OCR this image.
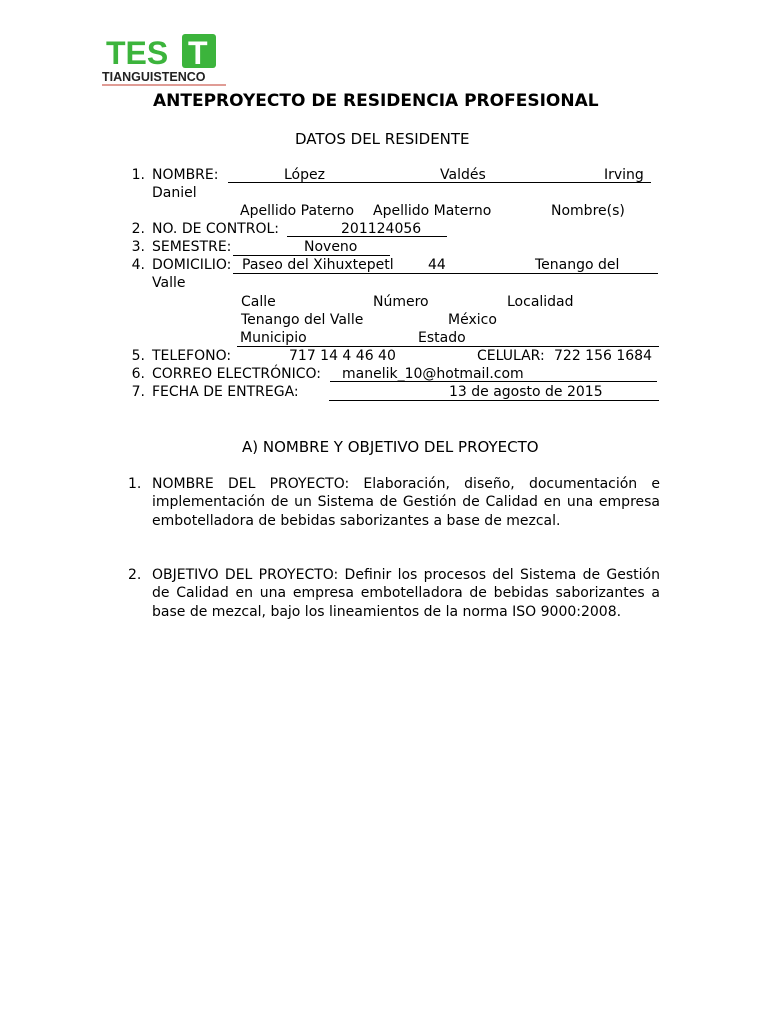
TES T
TIANGUISTENCO
ANTEPROYECTO DE RESIDENCIA PROFESIONAL
DATOS DEL RESIDENTE
1. NOMBRE:	López	Valdés	Irving
Daniel
Apellido Paterno Apellido Materno	Nombre(s)
2. NO. DE CONTROL:	201124056
3. SEMESTRE:	Noveno
4. DOMICILIO: Paseo del Xihuxtepetl 44	Tenango del
Valle
Calle	Número	Localidad
Tenango del Valle	México
Municipio	Estado
5. TELEFONO:	717 14 4 46 40	CELULAR: 722 156 1684
6. CORREO ELECTRÓNICO: manelik_10@hotmail.com
7. FECHA DE ENTREGA:	13 de agosto de 2015
A) NOMBRE Y OBJETIVO DEL PROYECTO
1. NOMBRE DEL PROYECTO: Elaboración, diseño, documentación e implementación de un Sistema de Gestión de Calidad en una empresa embotelladora de bebidas saborizantes a base de mezcal.
2. OBJETIVO DEL PROYECTO: Definir los procesos del Sistema de Gestión de Calidad en una empresa embotelladora de bebidas saborizantes a base de mezcal, bajo los lineamientos de la norma ISO 9000:2008.
